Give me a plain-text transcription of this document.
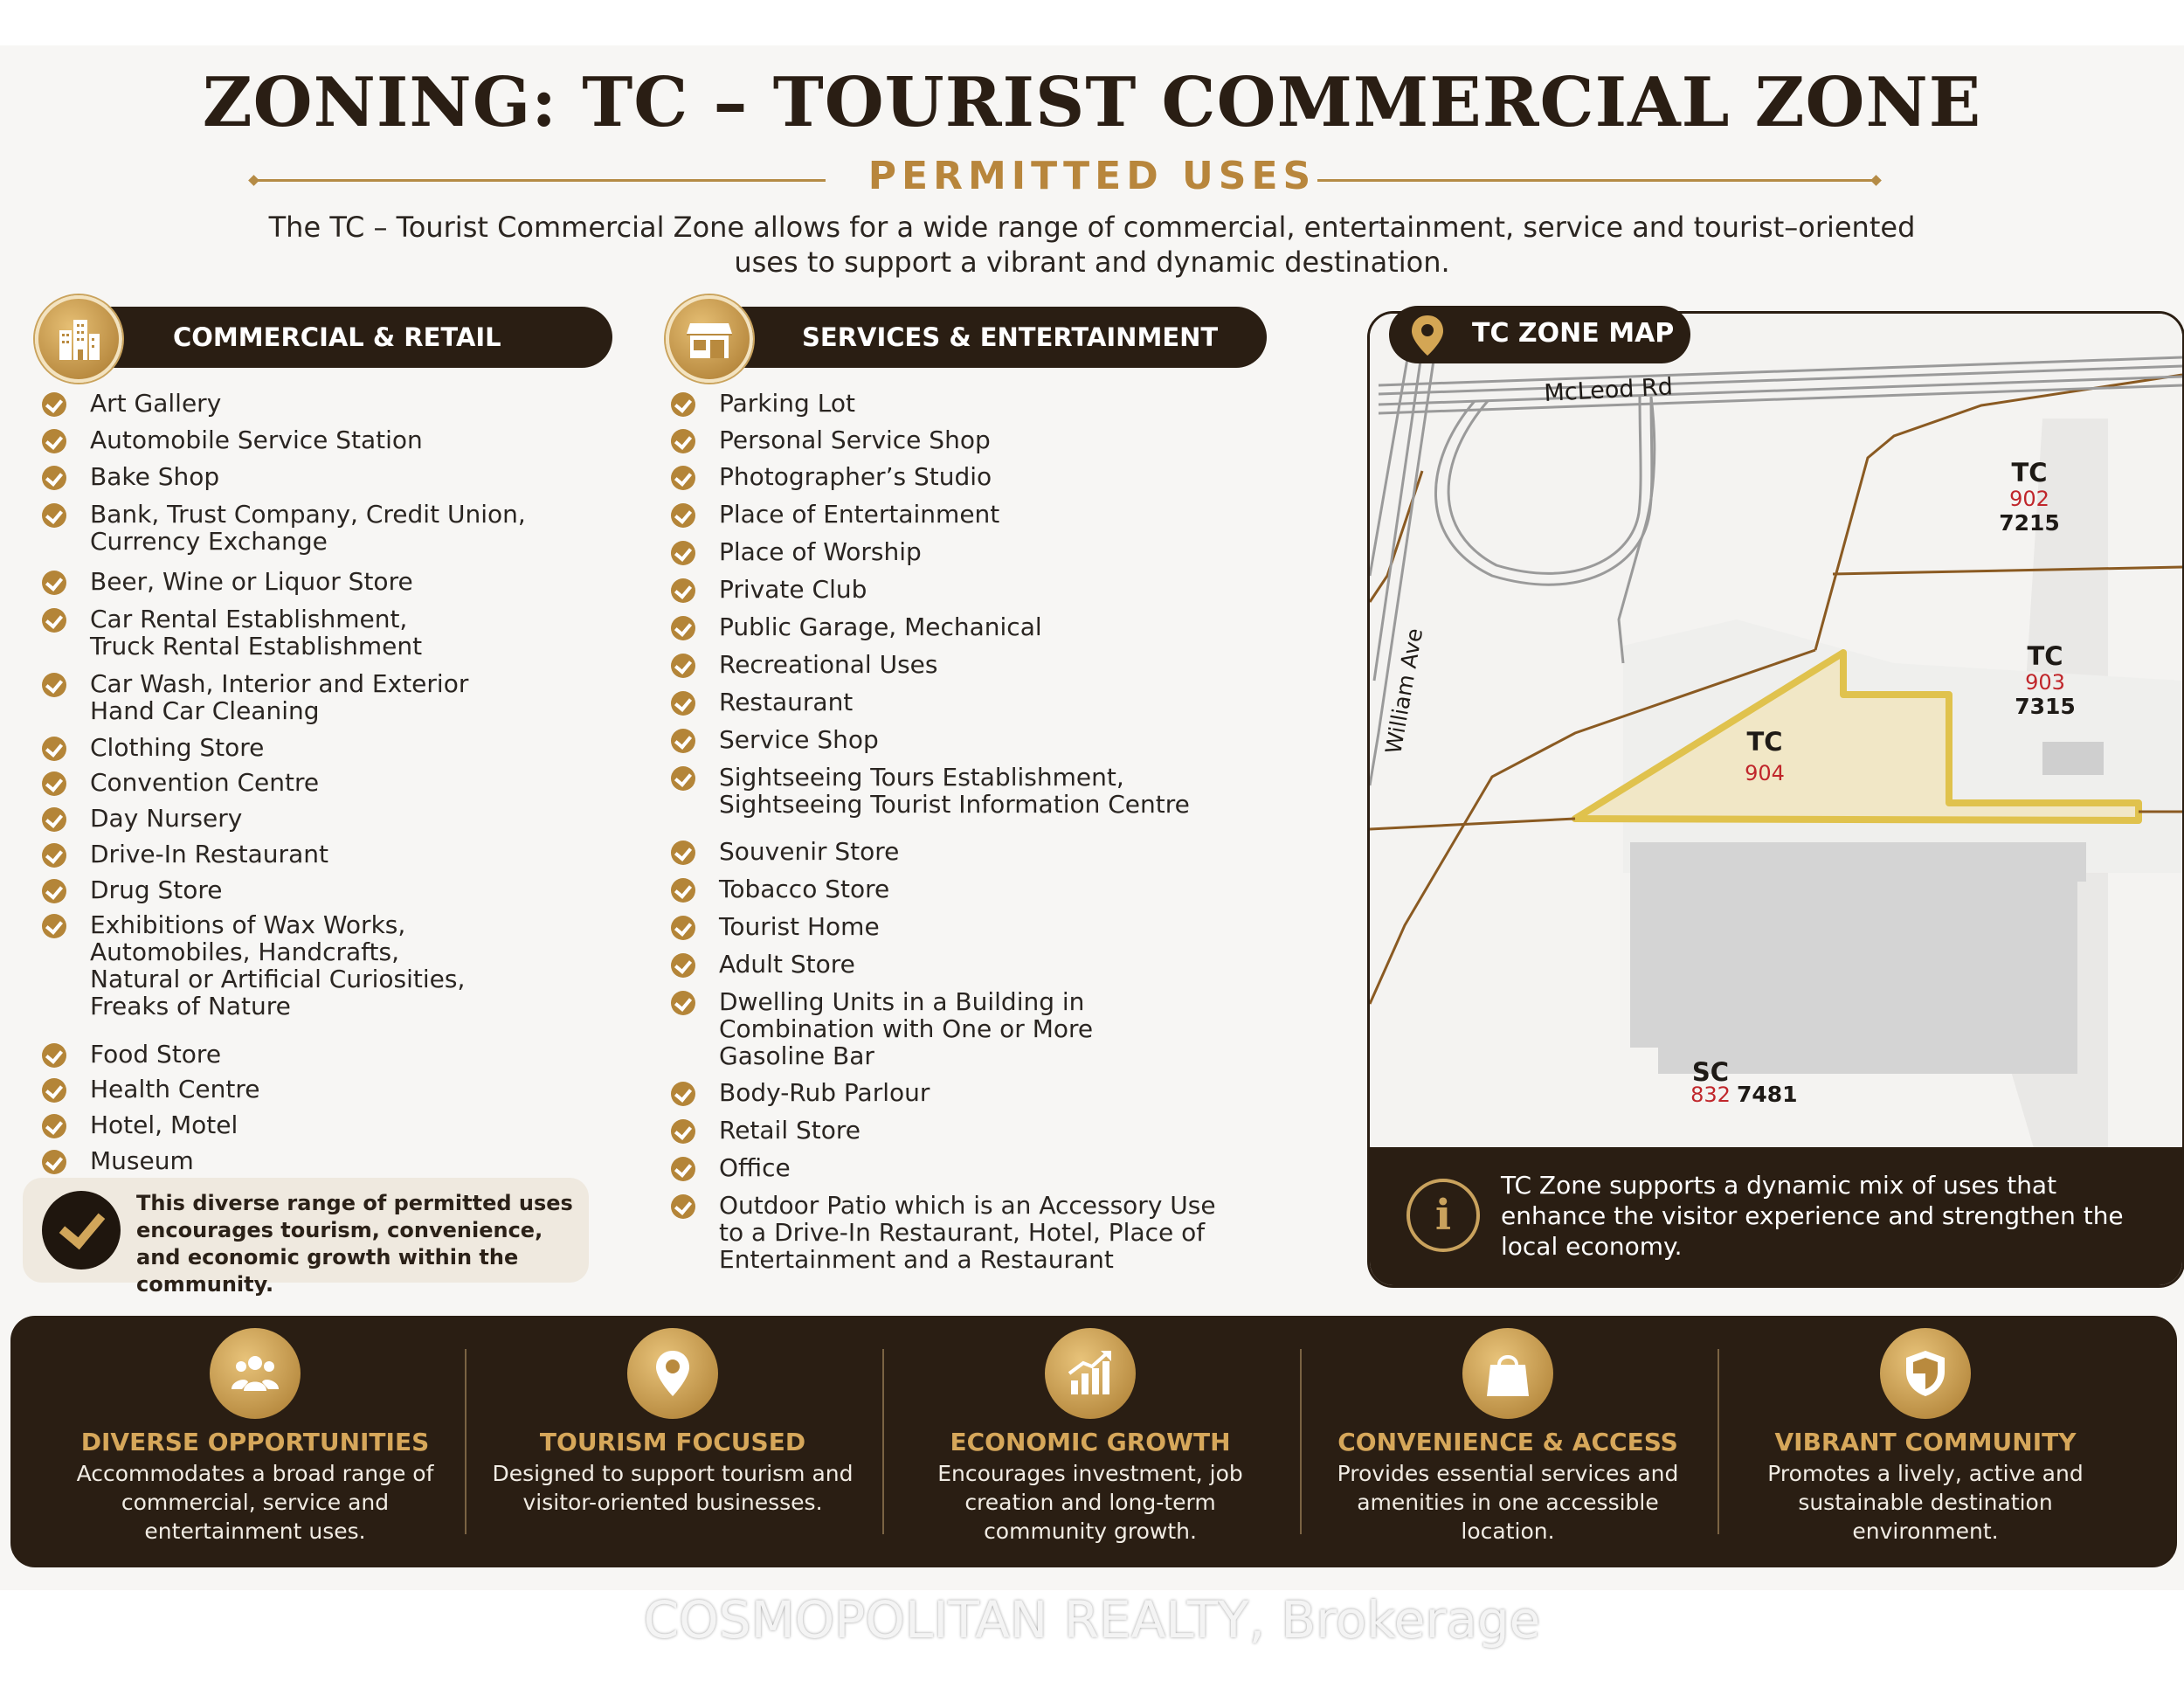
ZONING: TC – TOURIST COMMERCIAL ZONE
PERMITTED USES
The TC – Tourist Commercial Zone allows for a wide range of commercial, entertainment, service and tourist–oriented uses to support a vibrant and dynamic destination.
COMMERCIAL & RETAIL
Art Gallery
Automobile Service Station
Bake Shop
Bank, Trust Company, Credit Union,
Currency Exchange
Beer, Wine or Liquor Store
Car Rental Establishment,
Truck Rental Establishment
Car Wash, Interior and Exterior
Hand Car Cleaning
Clothing Store
Convention Centre
Day Nursery
Drive-In Restaurant
Drug Store
Exhibitions of Wax Works,
Automobiles, Handcrafts,
Natural or Artificial Curiosities,
Freaks of Nature
Food Store
Health Centre
Hotel, Motel
Museum
This diverse range of permitted uses encourages tourism, convenience, and economic growth within the community.
SERVICES & ENTERTAINMENT
Parking Lot
Personal Service Shop
Photographer’s Studio
Place of Entertainment
Place of Worship
Private Club
Public Garage, Mechanical
Recreational Uses
Restaurant
Service Shop
Sightseeing Tours Establishment,
Sightseeing Tourist Information Centre
Souvenir Store
Tobacco Store
Tourist Home
Adult Store
Dwelling Units in a Building in
Combination with One or More
Gasoline Bar
Body-Rub Parlour
Retail Store
Office
Outdoor Patio which is an Accessory Use
to a Drive-In Restaurant, Hotel, Place of
Entertainment and a Restaurant
McLeod Rd
William Ave
TC
902
7215
TC
903
7315
TC
904
SC
832 7481
i
TC Zone supports a dynamic mix of uses that enhance the visitor experience and strengthen the local economy.
TC ZONE MAP
DIVERSE OPPORTUNITIES
Accommodates a broad range of commercial, service and entertainment uses.
TOURISM FOCUSED
Designed to support tourism and visitor-oriented businesses.
ECONOMIC GROWTH
Encourages investment, job creation and long-term community growth.
CONVENIENCE & ACCESS
Provides essential services and amenities in one accessible location.
VIBRANT COMMUNITY
Promotes a lively, active and sustainable destination environment.
COSMOPOLITAN REALTY, Brokerage
